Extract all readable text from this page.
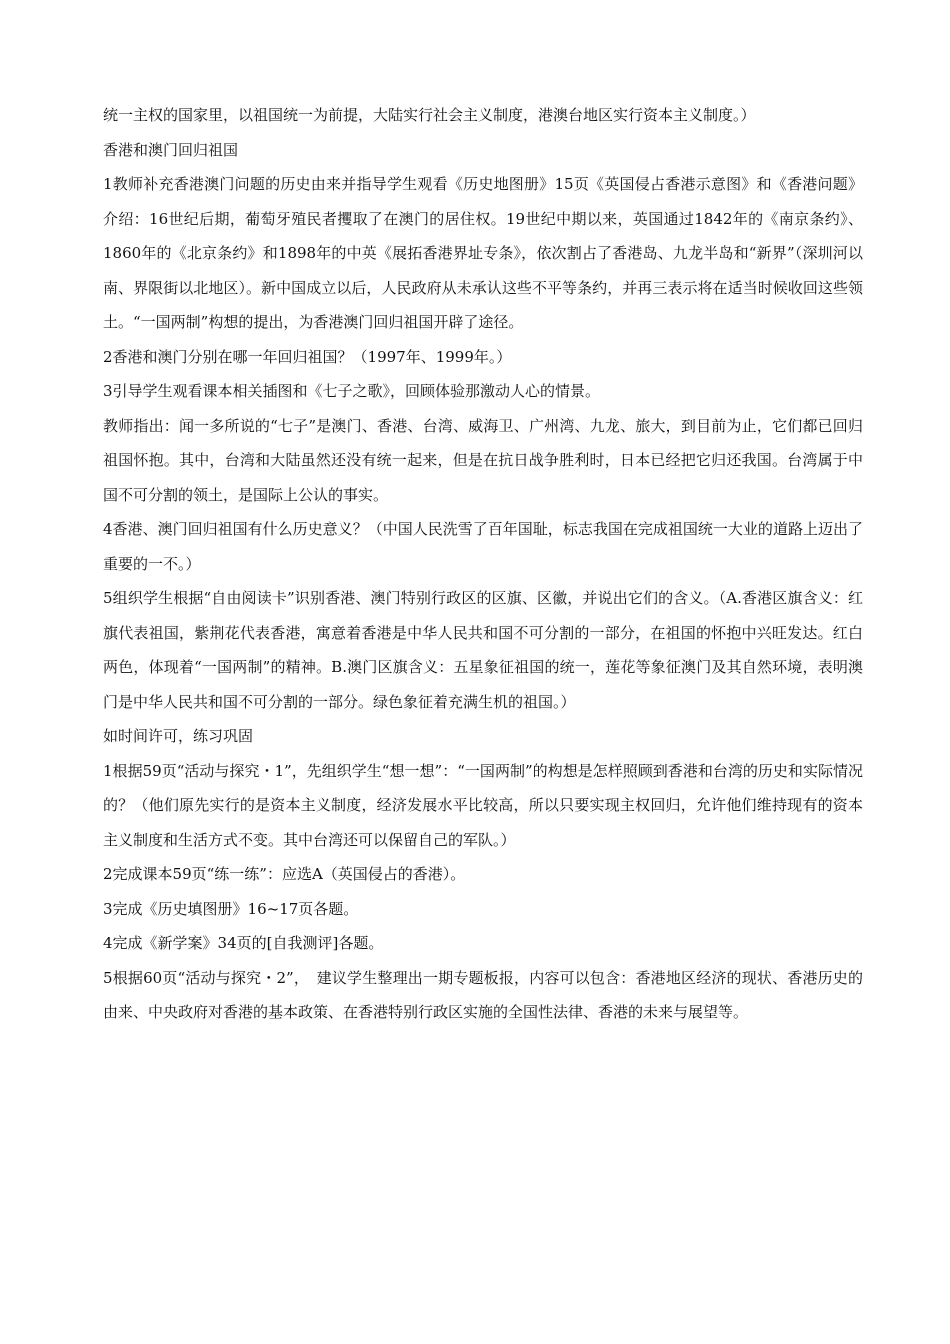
统一主权的国家里，以祖国统一为前提，大陆实行社会主义制度，港澳台地区实行资本主义制度。）

香港和澳门回归祖国

1教师补充香港澳门问题的历史由来并指导学生观看《历史地图册》15页《英国侵占香港示意图》和《香港问题》介绍：16世纪后期，葡萄牙殖民者攫取了在澳门的居住权。19世纪中期以来，英国通过1842年的《南京条约》、1860年的《北京条约》和1898年的中英《展拓香港界址专条》，依次割占了香港岛、九龙半岛和“新界”（深圳河以南、界限街以北地区）。新中国成立以后，人民政府从未承认这些不平等条约，并再三表示将在适当时候收回这些领土。“一国两制”构想的提出，为香港澳门回归祖国开辟了途径。

2香港和澳门分别在哪一年回归祖国？（1997年、1999年。）

3引导学生观看课本相关插图和《七子之歌》，回顾体验那激动人心的情景。

教师指出：闻一多所说的“七子”是澳门、香港、台湾、威海卫、广州湾、九龙、旅大，到目前为止，它们都已回归祖国怀抱。其中，台湾和大陆虽然还没有统一起来，但是在抗日战争胜利时，日本已经把它归还我国。台湾属于中国不可分割的领土，是国际上公认的事实。

4香港、澳门回归祖国有什么历史意义？（中国人民洗雪了百年国耻，标志我国在完成祖国统一大业的道路上迈出了重要的一不。）

5组织学生根据“自由阅读卡”识别香港、澳门特别行政区的区旗、区徽，并说出它们的含义。（A.香港区旗含义：红旗代表祖国，紫荆花代表香港，寓意着香港是中华人民共和国不可分割的一部分，在祖国的怀抱中兴旺发达。红白两色，体现着“一国两制”的精神。B.澳门区旗含义：五星象征祖国的统一，莲花等象征澳门及其自然环境，表明澳门是中华人民共和国不可分割的一部分。绿色象征着充满生机的祖国。）

如时间许可，练习巩固

1根据59页“活动与探究・1”，先组织学生“想一想”：“一国两制”的构想是怎样照顾到香港和台湾的历史和实际情况的？（他们原先实行的是资本主义制度，经济发展水平比较高，所以只要实现主权回归，允许他们维持现有的资本主义制度和生活方式不变。其中台湾还可以保留自己的军队。）

2完成课本59页“练一练”：应选A（英国侵占的香港）。

3完成《历史填图册》16~17页各题。

4完成《新学案》34页的[自我测评]各题。

5根据60页“活动与探究・2”，　建议学生整理出一期专题板报，内容可以包含：香港地区经济的现状、香港历史的由来、中央政府对香港的基本政策、在香港特别行政区实施的全国性法律、香港的未来与展望等。
